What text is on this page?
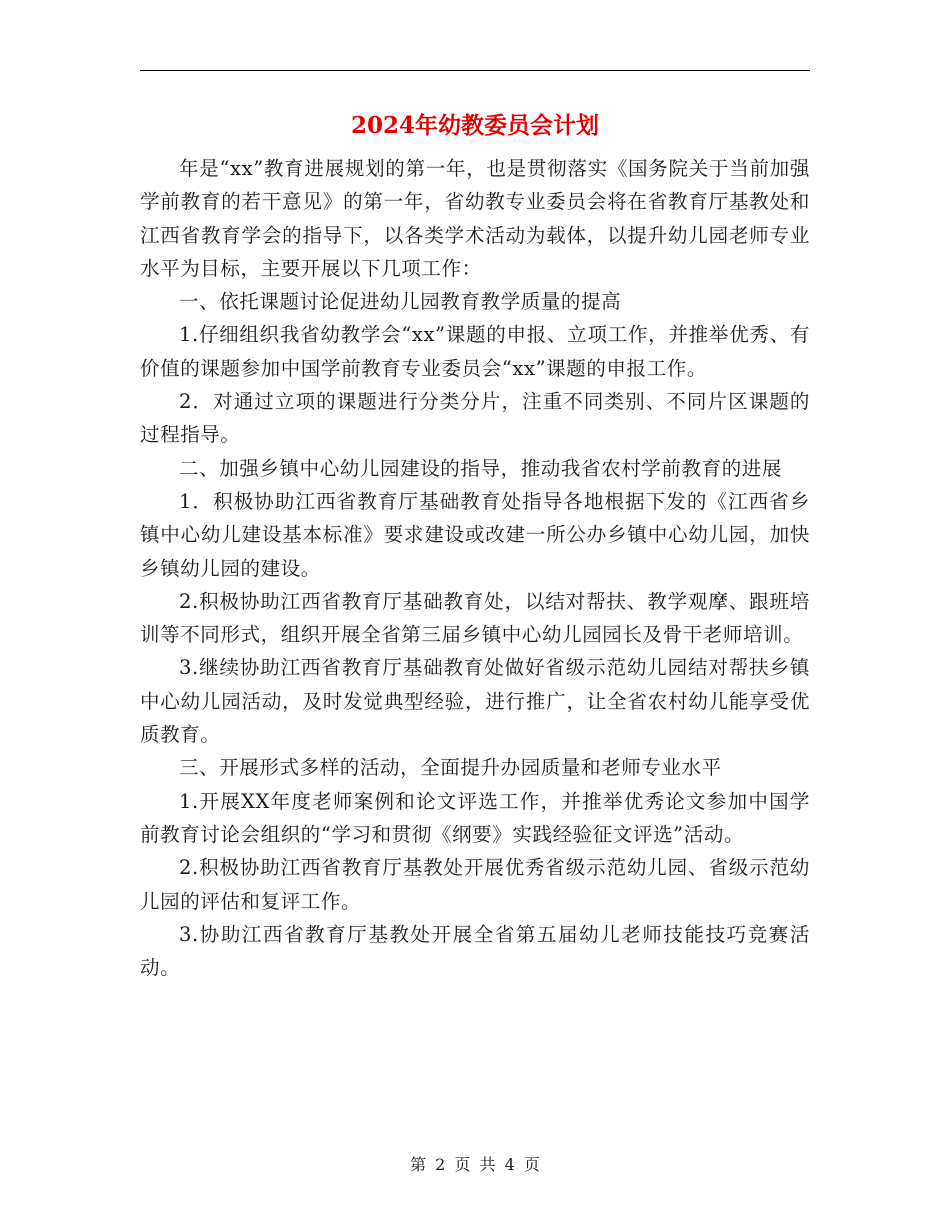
2024年幼教委员会计划

年是“xx”教育进展规划的第一年，也是贯彻落实《国务院关于当前加强学前教育的若干意见》的第一年，省幼教专业委员会将在省教育厅基教处和江西省教育学会的指导下，以各类学术活动为载体，以提升幼儿园老师专业水平为目标，主要开展以下几项工作：

一、依托课题讨论促进幼儿园教育教学质量的提高

1.仔细组织我省幼教学会“xx”课题的申报、立项工作，并推举优秀、有价值的课题参加中国学前教育专业委员会“xx”课题的申报工作。

2．对通过立项的课题进行分类分片，注重不同类别、不同片区课题的过程指导。

二、加强乡镇中心幼儿园建设的指导，推动我省农村学前教育的进展

1．积极协助江西省教育厅基础教育处指导各地根据下发的《江西省乡镇中心幼儿建设基本标准》要求建设或改建一所公办乡镇中心幼儿园，加快乡镇幼儿园的建设。

2.积极协助江西省教育厅基础教育处，以结对帮扶、教学观摩、跟班培训等不同形式，组织开展全省第三届乡镇中心幼儿园园长及骨干老师培训。

3.继续协助江西省教育厅基础教育处做好省级示范幼儿园结对帮扶乡镇中心幼儿园活动，及时发觉典型经验，进行推广，让全省农村幼儿能享受优质教育。

三、开展形式多样的活动，全面提升办园质量和老师专业水平

1.开展XX年度老师案例和论文评选工作，并推举优秀论文参加中国学前教育讨论会组织的“学习和贯彻《纲要》实践经验征文评选”活动。

2.积极协助江西省教育厅基教处开展优秀省级示范幼儿园、省级示范幼儿园的评估和复评工作。

3.协助江西省教育厅基教处开展全省第五届幼儿老师技能技巧竞赛活动。

第 2 页 共 4 页
